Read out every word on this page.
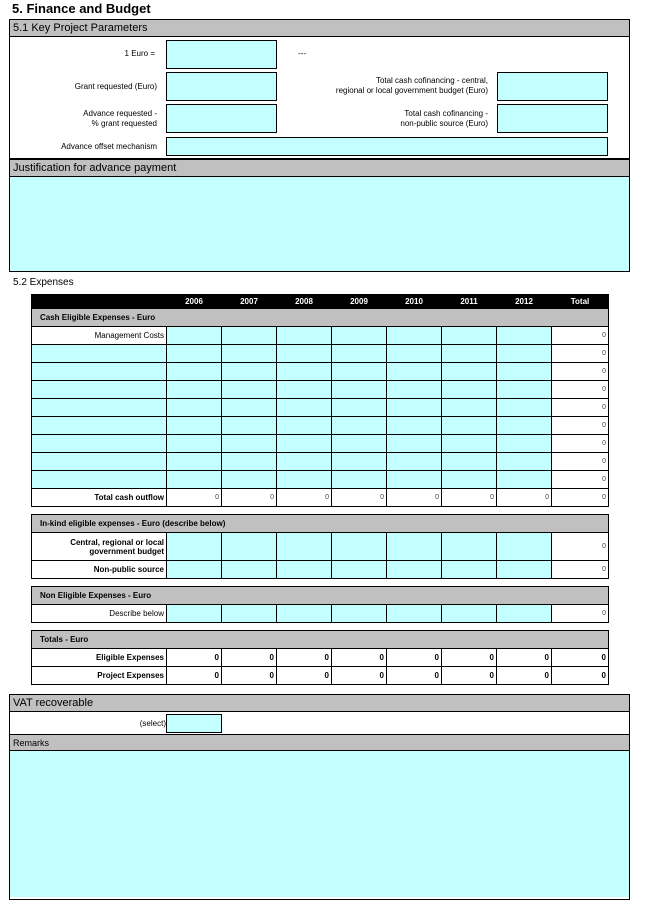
5. Finance and Budget
5.1 Key Project Parameters
1 Euro =	---
Grant requested (Euro)
Total cash cofinancing - central,
regional or local government budget (Euro)
Advance requested -
% grant requested
Total cash cofinancing -
non-public source (Euro)
Advance offset mechanism
Justification for advance payment
5.2 Expenses
	2006	2007	2008	2009	2010	2011	2012	Total
Cash Eligible Expenses - Euro								
Management Costs								0
								0
								0
								0
								0
								0
								0
								0
								0
Total cash outflow	0	0	0	0	0	0	0	0

In-kind eligible expenses - Euro (describe below)								

Central, regional or local
government budget								0
Non-public source								0

Non Eligible Expenses - Euro								
Describe below								0

Totals - Euro								
Eligible Expenses	0	0	0	0	0	0	0	0
Project Expenses	0	0	0	0	0	0	0	0
VAT recoverable
(select)
Remarks
